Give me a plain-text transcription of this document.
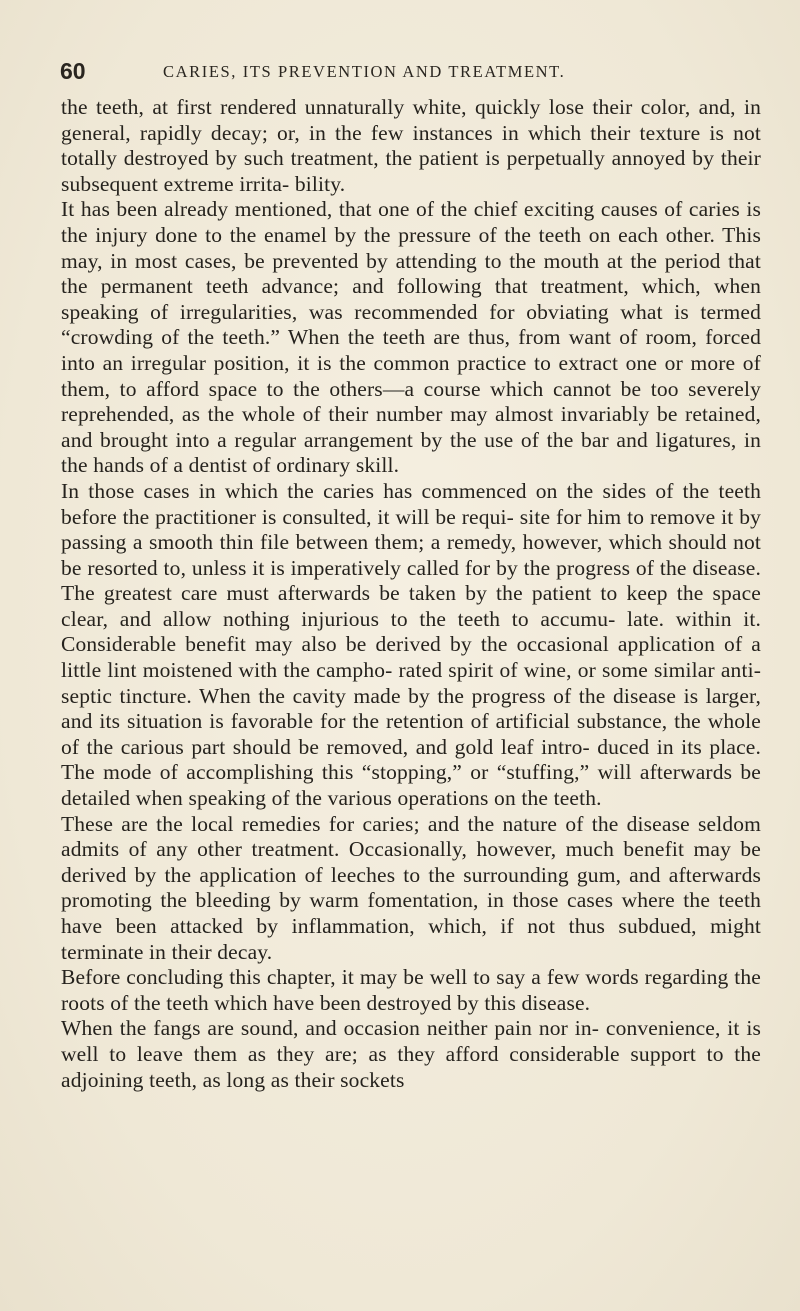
60	CARIES, ITS PREVENTION AND TREATMENT.

the teeth, at first rendered unnaturally white, quickly lose their color, and, in general, rapidly decay; or, in the few instances in which their texture is not totally destroyed by such treatment, the patient is perpetually annoyed by their subsequent extreme irrita- bility.

It has been already mentioned, that one of the chief exciting causes of caries is the injury done to the enamel by the pressure of the teeth on each other. This may, in most cases, be prevented by attending to the mouth at the period that the permanent teeth advance; and following that treatment, which, when speaking of irregularities, was recommended for obviating what is termed “crowding of the teeth.” When the teeth are thus, from want of room, forced into an irregular position, it is the common practice to extract one or more of them, to afford space to the others—a course which cannot be too severely reprehended, as the whole of their number may almost invariably be retained, and brought into a regular arrangement by the use of the bar and ligatures, in the hands of a dentist of ordinary skill.

In those cases in which the caries has commenced on the sides of the teeth before the practitioner is consulted, it will be requi- site for him to remove it by passing a smooth thin file between them; a remedy, however, which should not be resorted to, unless it is imperatively called for by the progress of the disease. The greatest care must afterwards be taken by the patient to keep the space clear, and allow nothing injurious to the teeth to accumu- late. within it. Considerable benefit may also be derived by the occasional application of a little lint moistened with the campho- rated spirit of wine, or some similar anti-septic tincture. When the cavity made by the progress of the disease is larger, and its situation is favorable for the retention of artificial substance, the whole of the carious part should be removed, and gold leaf intro- duced in its place. The mode of accomplishing this “stopping,” or “stuffing,” will afterwards be detailed when speaking of the various operations on the teeth.

These are the local remedies for caries; and the nature of the disease seldom admits of any other treatment. Occasionally, however, much benefit may be derived by the application of leeches to the surrounding gum, and afterwards promoting the bleeding by warm fomentation, in those cases where the teeth have been attacked by inflammation, which, if not thus subdued, might terminate in their decay.

Before concluding this chapter, it may be well to say a few words regarding the roots of the teeth which have been destroyed by this disease.

When the fangs are sound, and occasion neither pain nor in- convenience, it is well to leave them as they are; as they afford considerable support to the adjoining teeth, as long as their sockets
